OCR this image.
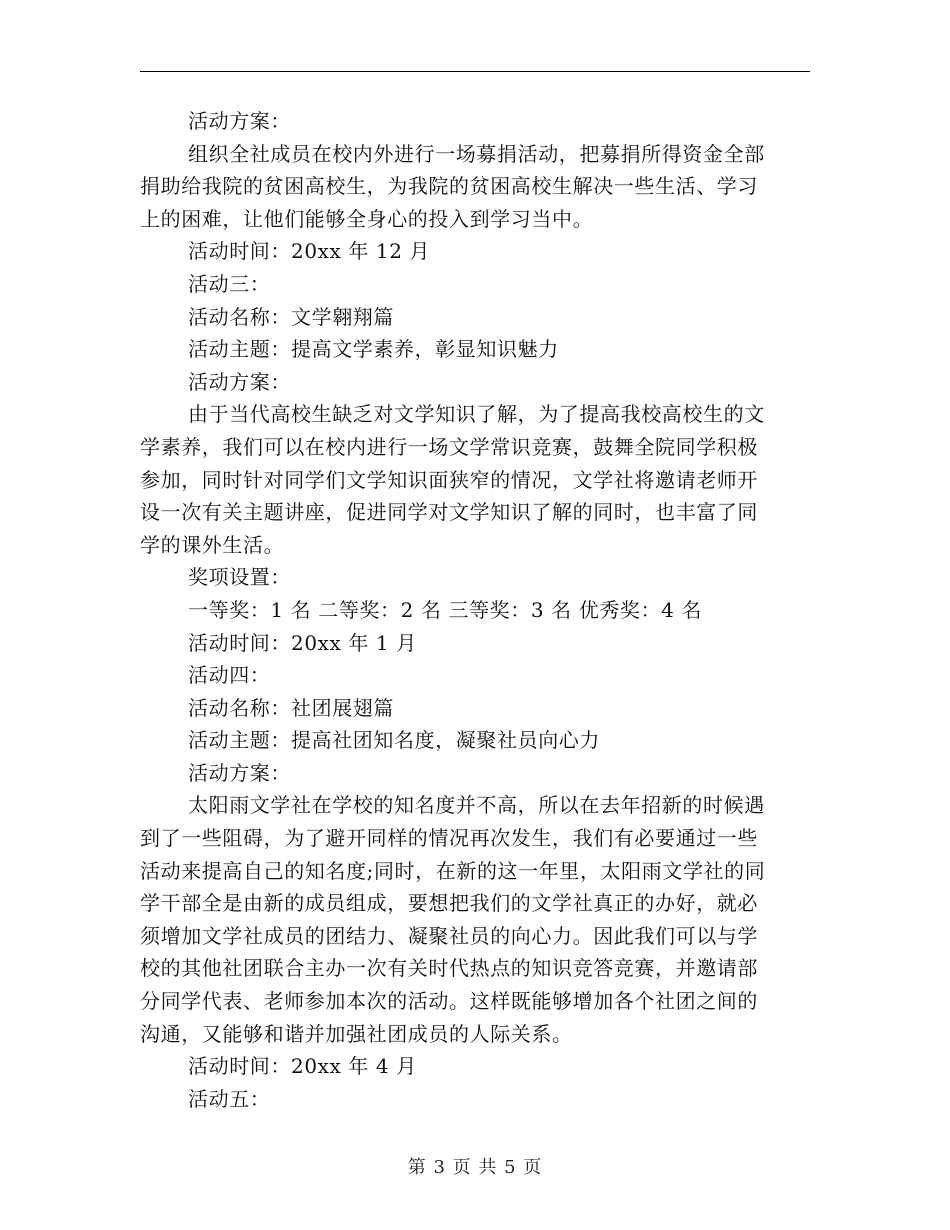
活动方案：
组织全社成员在校内外进行一场募捐活动，把募捐所得资金全部
捐助给我院的贫困高校生，为我院的贫困高校生解决一些生活、学习
上的困难，让他们能够全身心的投入到学习当中。
活动时间：20xx 年 12 月
活动三：
活动名称：文学翱翔篇
活动主题：提高文学素养，彰显知识魅力
活动方案：
由于当代高校生缺乏对文学知识了解，为了提高我校高校生的文
学素养，我们可以在校内进行一场文学常识竞赛，鼓舞全院同学积极
参加，同时针对同学们文学知识面狭窄的情况，文学社将邀请老师开
设一次有关主题讲座，促进同学对文学知识了解的同时，也丰富了同
学的课外生活。
奖项设置：
一等奖：1 名 二等奖：2 名 三等奖：3 名 优秀奖：4 名
活动时间：20xx 年 1 月
活动四：
活动名称：社团展翅篇
活动主题：提高社团知名度，凝聚社员向心力
活动方案：
太阳雨文学社在学校的知名度并不高，所以在去年招新的时候遇
到了一些阻碍，为了避开同样的情况再次发生，我们有必要通过一些
活动来提高自己的知名度;同时，在新的这一年里，太阳雨文学社的同
学干部全是由新的成员组成，要想把我们的文学社真正的办好，就必
须增加文学社成员的团结力、凝聚社员的向心力。因此我们可以与学
校的其他社团联合主办一次有关时代热点的知识竞答竞赛，并邀请部
分同学代表、老师参加本次的活动。这样既能够增加各个社团之间的
沟通，又能够和谐并加强社团成员的人际关系。
活动时间：20xx 年 4 月
活动五：
第 3 页 共 5 页
